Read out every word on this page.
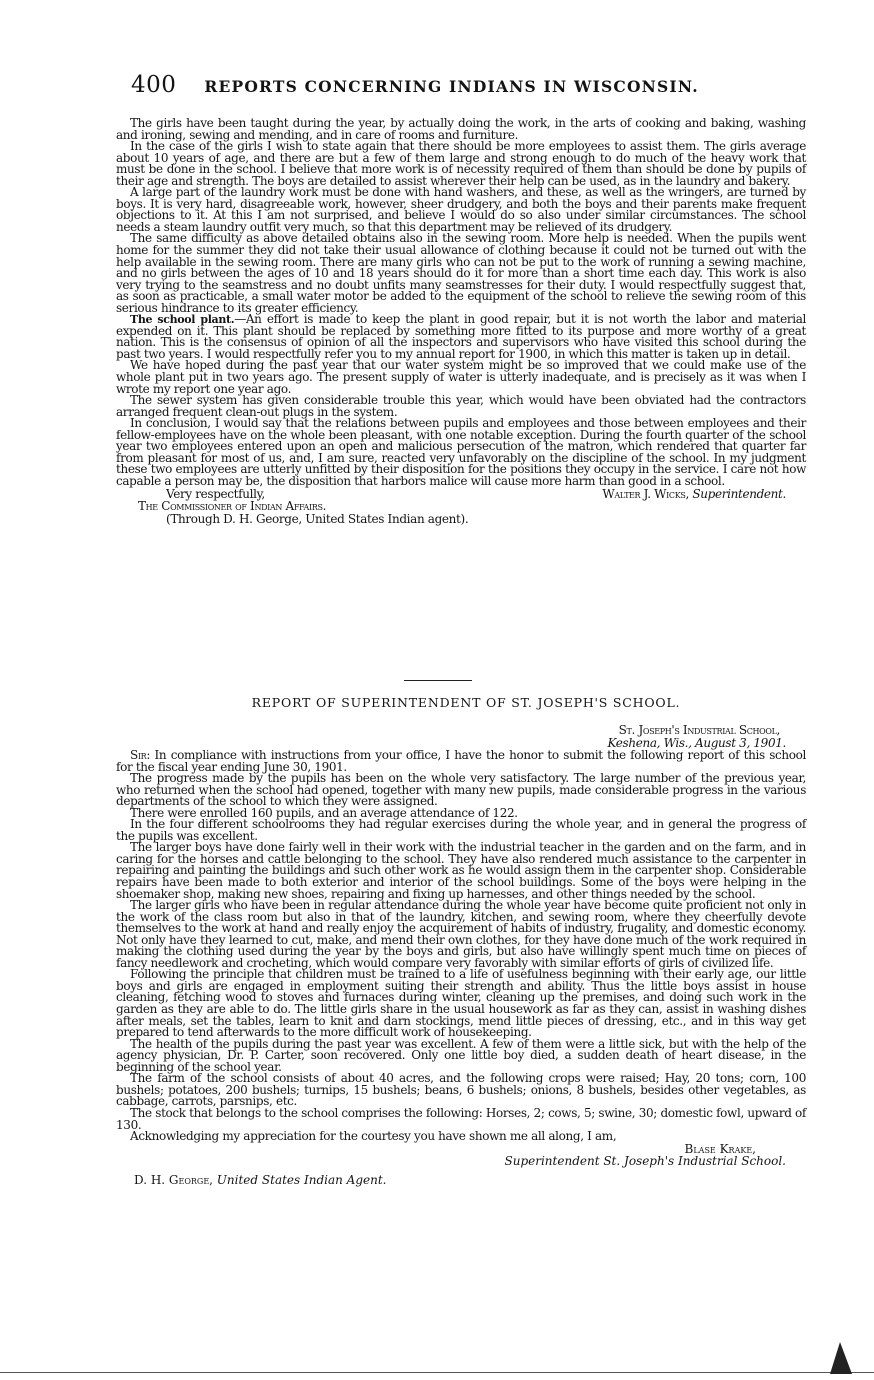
400 REPORTS CONCERNING INDIANS IN WISCONSIN.

The girls have been taught during the year, by actually doing the work, in the arts of cooking and baking, washing and ironing, sewing and mending, and in care of rooms and furniture.

In the case of the girls I wish to state again that there should be more employees to assist them. The girls average about 10 years of age, and there are but a few of them large and strong enough to do much of the heavy work that must be done in the school. I believe that more work is of necessity required of them than should be done by pupils of their age and strength. The boys are detailed to assist wherever their help can be used, as in the laundry and bakery.

A large part of the laundry work must be done with hand washers, and these, as well as the wringers, are turned by boys. It is very hard, disagreeable work, however, sheer drudgery, and both the boys and their parents make frequent objections to it. At this I am not surprised, and believe I would do so also under similar circumstances. The school needs a steam laundry outfit very much, so that this department may be relieved of its drudgery.

The same difficulty as above detailed obtains also in the sewing room. More help is needed. When the pupils went home for the summer they did not take their usual allowance of clothing because it could not be turned out with the help available in the sewing room. There are many girls who can not be put to the work of running a sewing machine, and no girls between the ages of 10 and 18 years should do it for more than a short time each day. This work is also very trying to the seamstress and no doubt unfits many seamstresses for their duty. I would respectfully suggest that, as soon as practicable, a small water motor be added to the equipment of the school to relieve the sewing room of this serious hindrance to its greater efficiency.

The school plant.—An effort is made to keep the plant in good repair, but it is not worth the labor and material expended on it. This plant should be replaced by something more fitted to its purpose and more worthy of a great nation. This is the consensus of opinion of all the inspectors and supervisors who have visited this school during the past two years. I would respectfully refer you to my annual report for 1900, in which this matter is taken up in detail.

We have hoped during the past year that our water system might be so improved that we could make use of the whole plant put in two years ago. The present supply of water is utterly inadequate, and is precisely as it was when I wrote my report one year ago.

The sewer system has given considerable trouble this year, which would have been obviated had the contractors arranged frequent clean-out plugs in the system.

In conclusion, I would say that the relations between pupils and employees and those between employees and their fellow-employees have on the whole been pleasant, with one notable exception. During the fourth quarter of the school year two employees entered upon an open and malicious persecution of the matron, which rendered that quarter far from pleasant for most of us, and, I am sure, reacted very unfavorably on the discipline of the school. In my judgment these two employees are utterly unfitted by their disposition for the positions they occupy in the service. I care not how capable a person may be, the disposition that harbors malice will cause more harm than good in a school.

Very respectfully,	Walter J. Wicks, Superintendent.
The Commissioner of Indian Affairs.
(Through D. H. George, United States Indian agent).
REPORT OF SUPERINTENDENT OF ST. JOSEPH'S SCHOOL.
St. Joseph's Industrial School,
Keshena, Wis., August 3, 1901.

Sir: In compliance with instructions from your office, I have the honor to submit the following report of this school for the fiscal year ending June 30, 1901.

The progress made by the pupils has been on the whole very satisfactory. The large number of the previous year, who returned when the school had opened, together with many new pupils, made considerable progress in the various departments of the school to which they were assigned.

There were enrolled 160 pupils, and an average attendance of 122.

In the four different schoolrooms they had regular exercises during the whole year, and in general the progress of the pupils was excellent.

The larger boys have done fairly well in their work with the industrial teacher in the garden and on the farm, and in caring for the horses and cattle belonging to the school. They have also rendered much assistance to the carpenter in repairing and painting the buildings and such other work as he would assign them in the carpenter shop. Considerable repairs have been made to both exterior and interior of the school buildings. Some of the boys were helping in the shoemaker shop, making new shoes, repairing and fixing up harnesses, and other things needed by the school.

The larger girls who have been in regular attendance during the whole year have become quite proficient not only in the work of the class room but also in that of the laundry, kitchen, and sewing room, where they cheerfully devote themselves to the work at hand and really enjoy the acquirement of habits of industry, frugality, and domestic economy. Not only have they learned to cut, make, and mend their own clothes, for they have done much of the work required in making the clothing used during the year by the boys and girls, but also have willingly spent much time on pieces of fancy needlework and crocheting, which would compare very favorably with similar efforts of girls of civilized life.

Following the principle that children must be trained to a life of usefulness beginning with their early age, our little boys and girls are engaged in employment suiting their strength and ability. Thus the little boys assist in house cleaning, fetching wood to stoves and furnaces during winter, cleaning up the premises, and doing such work in the garden as they are able to do. The little girls share in the usual housework as far as they can, assist in washing dishes after meals, set the tables, learn to knit and darn stockings, mend little pieces of dressing, etc., and in this way get prepared to tend afterwards to the more difficult work of housekeeping.

The health of the pupils during the past year was excellent. A few of them were a little sick, but with the help of the agency physician, Dr. P. Carter, soon recovered. Only one little boy died, a sudden death of heart disease, in the beginning of the school year.

The farm of the school consists of about 40 acres, and the following crops were raised; Hay, 20 tons; corn, 100 bushels; potatoes, 200 bushels; turnips, 15 bushels; beans, 6 bushels; onions, 8 bushels, besides other vegetables, as cabbage, carrots, parsnips, etc.

The stock that belongs to the school comprises the following: Horses, 2; cows, 5; swine, 30; domestic fowl, upward of 130.

Acknowledging my appreciation for the courtesy you have shown me all along, I am,

Blase Krake,
Superintendent St. Joseph's Industrial School.
D. H. George, United States Indian Agent.
